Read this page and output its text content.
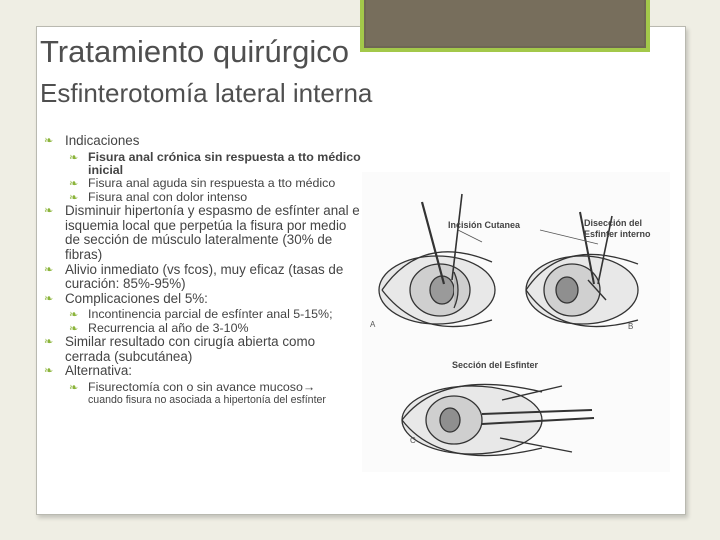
Tratamiento quirúrgico
Esfinterotomía lateral interna
❧ Indicaciones
❧ Fisura anal crónica sin respuesta a tto médico inicial
❧ Fisura anal aguda sin respuesta a tto médico
❧ Fisura anal con dolor intenso
❧ Disminuir hipertonía y espasmo de esfínter anal e isquemia local que perpetúa la fisura por medio de sección de músculo lateralmente (30% de fibras)
❧ Alivio inmediato (vs fcos), muy eficaz (tasas de curación: 85%-95%)
❧ Complicaciones del 5%:
❧ Incontinencia parcial de esfínter anal 5-15%;
❧ Recurrencia al año de 3-10%
❧ Similar resultado con cirugía abierta como cerrada (subcutánea)
❧ Alternativa:
❧ Fisurectomía con o sin avance mucoso→
cuando fisura no asociada a hipertonía del esfínter
Incisión Cutanea	Disección del Esfinter interno
Sección del Esfinter
A	B
C
